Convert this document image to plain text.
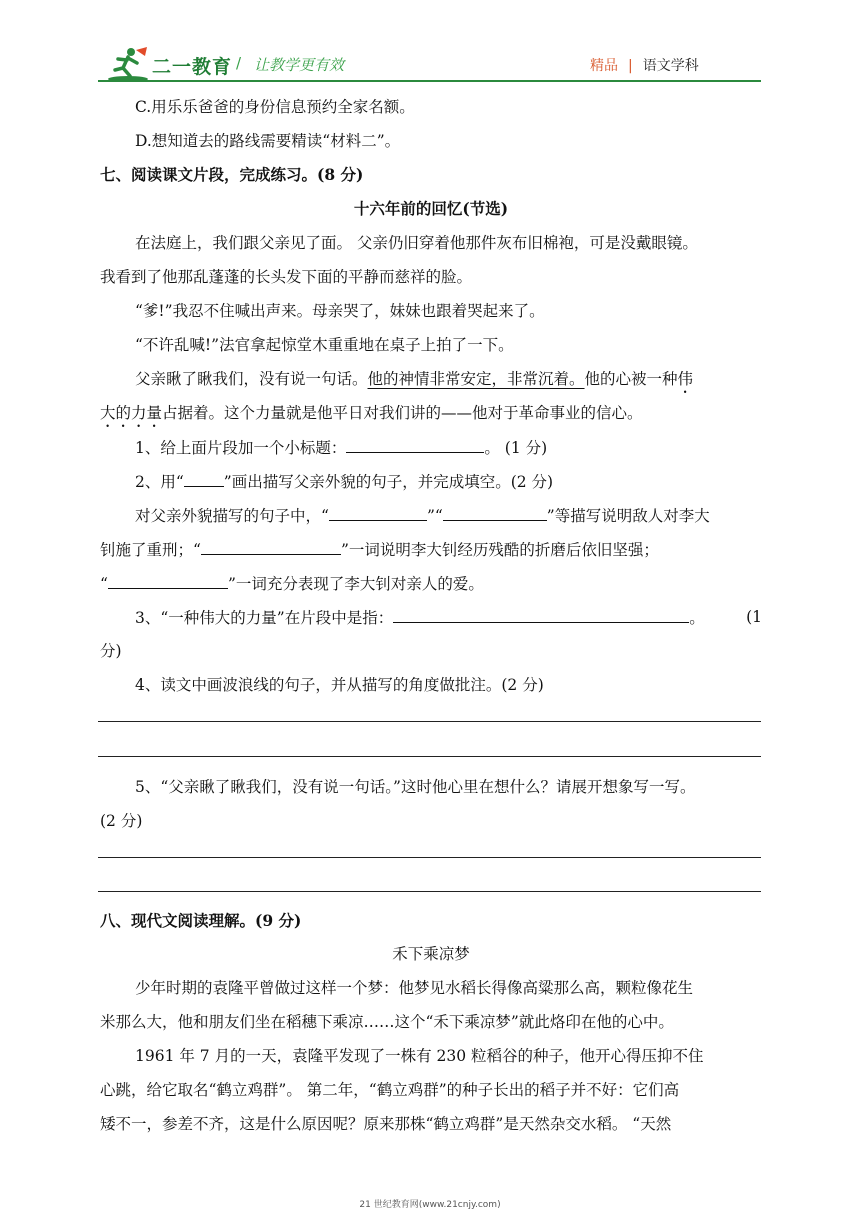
二一教育 / 让教学更有效	精品 | 语文学科
C.用乐乐爸爸的身份信息预约全家名额。
D.想知道去的路线需要精读“材料二”。
七、阅读课文片段，完成练习。(8 分)
十六年前的回忆(节选)
在法庭上，我们跟父亲见了面。 父亲仍旧穿着他那件灰布旧棉袍，可是没戴眼镜。
我看到了他那乱蓬蓬的长头发下面的平静而慈祥的脸。
“爹!”我忍不住喊出声来。母亲哭了，妹妹也跟着哭起来了。
“不许乱喊!”法官拿起惊堂木重重地在桌子上拍了一下。
父亲瞅了瞅我们，没有说一句话。他的神情非常安定，非常沉着。他的心被一种伟
大的力量占据着。这个力量就是他平日对我们讲的——他对于革命事业的信心。
1、给上面片段加一个小标题：	。 (1 分)
2、用“	”画出描写父亲外貌的句子，并完成填空。(2 分)
对父亲外貌描写的句子中，“	”“	”等描写说明敌人对李大
钊施了重刑；“	”一词说明李大钊经历残酷的折磨后依旧坚强；
“	”一词充分表现了李大钊对亲人的爱。
3、“一种伟大的力量”在片段中是指：	。	(1
分)
4、读文中画波浪线的句子，并从描写的角度做批注。(2 分)
5、“父亲瞅了瞅我们，没有说一句话。”这时他心里在想什么？请展开想象写一写。
(2 分)
八、现代文阅读理解。(9 分)
禾下乘凉梦
少年时期的袁隆平曾做过这样一个梦：他梦见水稻长得像高粱那么高，颗粒像花生
米那么大，他和朋友们坐在稻穗下乘凉……这个“禾下乘凉梦”就此烙印在他的心中。
1961 年 7 月的一天，袁隆平发现了一株有 230 粒稻谷的种子，他开心得压抑不住
心跳，给它取名“鹤立鸡群”。 第二年，“鹤立鸡群”的种子长出的稻子并不好：它们高
矮不一，参差不齐，这是什么原因呢？原来那株“鹤立鸡群”是天然杂交水稻。 “天然
21 世纪教育网(www.21cnjy.com)
